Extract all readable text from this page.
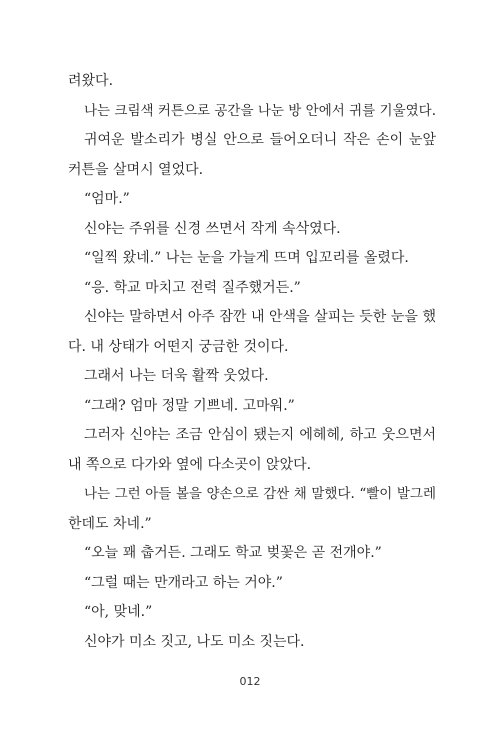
려왔다.
나는 크림색 커튼으로 공간을 나눈 방 안에서 귀를 기울였다.
귀여운 발소리가 병실 안으로 들어오더니 작은 손이 눈앞
커튼을 살며시 열었다.
“엄마.”
신야는 주위를 신경 쓰면서 작게 속삭였다.
“일찍 왔네.” 나는 눈을 가늘게 뜨며 입꼬리를 올렸다.
“응. 학교 마치고 전력 질주했거든.”
신야는 말하면서 아주 잠깐 내 안색을 살피는 듯한 눈을 했
다. 내 상태가 어떤지 궁금한 것이다.
그래서 나는 더욱 활짝 웃었다.
“그래? 엄마 정말 기쁘네. 고마워.”
그러자 신야는 조금 안심이 됐는지 에헤헤, 하고 웃으면서
내 쪽으로 다가와 옆에 다소곳이 앉았다.
나는 그런 아들 볼을 양손으로 감싼 채 말했다. “빨이 발그레
한데도 차네.”
“오늘 꽤 춥거든. 그래도 학교 벚꽃은 곧 전개야.”
“그럴 때는 만개라고 하는 거야.”
“아, 맞네.”
신야가 미소 짓고, 나도 미소 짓는다.
012
